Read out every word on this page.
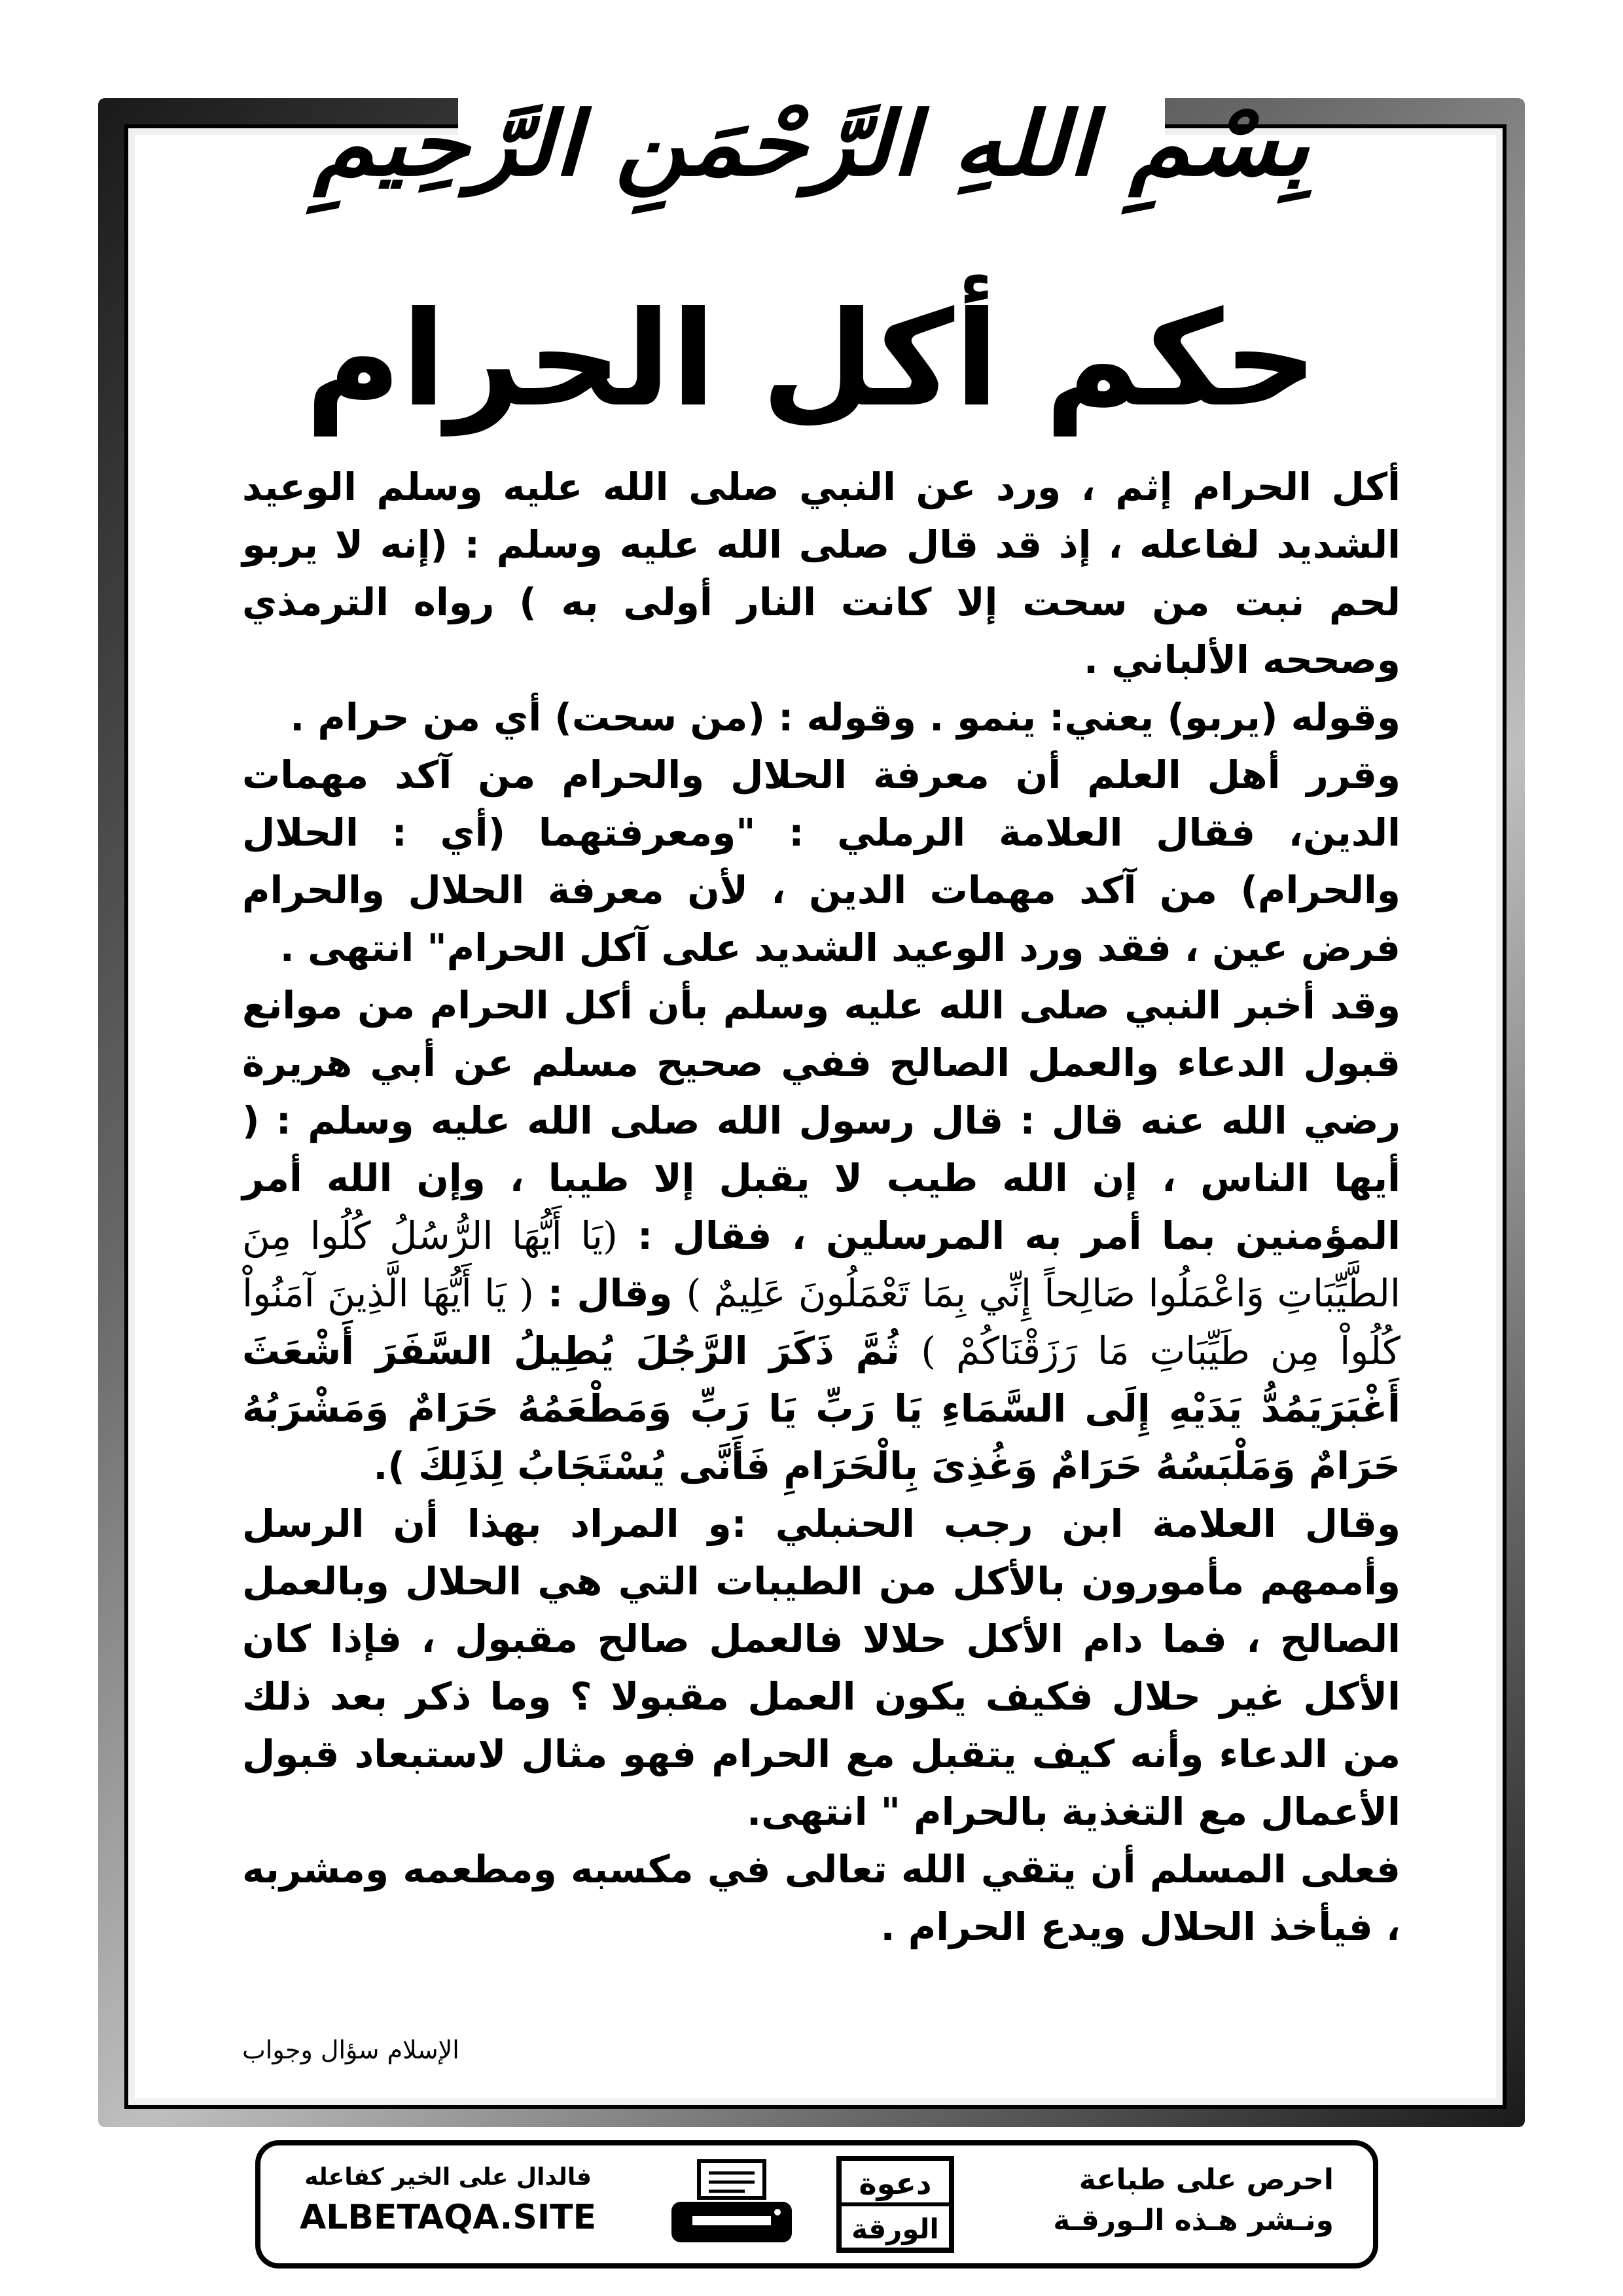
بِسْمِ اللهِ الرَّحْمَنِ الرَّحِيمِ
حكم أكل الحرام

أكل الحرام إثم ، ورد عن النبي صلى الله عليه وسلم الوعيد الشديد لفاعله ، إذ قد قال صلى الله عليه وسلم : (إنه لا يربو لحم نبت من سحت إلا كانت النار أولى به ) رواه الترمذي وصححه الألباني .

وقوله (يربو) يعني: ينمو . وقوله : (من سحت) أي من حرام .

وقرر أهل العلم أن معرفة الحلال والحرام من آكد مهمات الدين، فقال العلامة الرملي : "ومعرفتهما (أي : الحلال والحرام) من آكد مهمات الدين ، لأن معرفة الحلال والحرام فرض عين ، فقد ورد الوعيد الشديد على آكل الحرام" انتهى .

وقد أخبر النبي صلى الله عليه وسلم بأن أكل الحرام من موانع قبول الدعاء والعمل الصالح ففي صحيح مسلم عن أبي هريرة رضي الله عنه قال : قال رسول الله صلى الله عليه وسلم : ( أيها الناس ، إن الله طيب لا يقبل إلا طيبا ، وإن الله أمر المؤمنين بما أمر به المرسلين ، فقال : (يَا أَيُّهَا الرُّسُلُ كُلُوا مِنَ الطَّيِّبَاتِ وَاعْمَلُوا صَالِحاً إِنِّي بِمَا تَعْمَلُونَ عَلِيمٌ ) وقال : ( يَا أَيُّهَا الَّذِينَ آمَنُواْ كُلُواْ مِن طَيِّبَاتِ مَا رَزَقْنَاكُمْ ) ثُمَّ ذَكَرَ الرَّجُلَ يُطِيلُ السَّفَرَ أَشْعَثَ أَغْبَرَيَمُدُّ يَدَيْهِ إِلَى السَّمَاءِ يَا رَبِّ يَا رَبِّ وَمَطْعَمُهُ حَرَامٌ وَمَشْرَبُهُ حَرَامٌ وَمَلْبَسُهُ حَرَامٌ وَغُذِىَ بِالْحَرَامِ فَأَنَّى يُسْتَجَابُ لِذَلِكَ ).

وقال العلامة ابن رجب الحنبلي :و المراد بهذا أن الرسل وأممهم مأمورون بالأكل من الطيبات التي هي الحلال وبالعمل الصالح ، فما دام الأكل حلالا فالعمل صالح مقبول ، فإذا كان الأكل غير حلال فكيف يكون العمل مقبولا ؟ وما ذكر بعد ذلك من الدعاء وأنه كيف يتقبل مع الحرام فهو مثال لاستبعاد قبول الأعمال مع التغذية بالحرام " انتهى.

فعلى المسلم أن يتقي الله تعالى في مكسبه ومطعمه ومشربه ، فيأخذ الحلال ويدع الحرام .

الإسلام سؤال وجواب
احرص على طباعة
ونـشر هـذه الـورقـة
دعوة
الورقة
فالدال على الخير كفاعله
ALBETAQA.SITE
